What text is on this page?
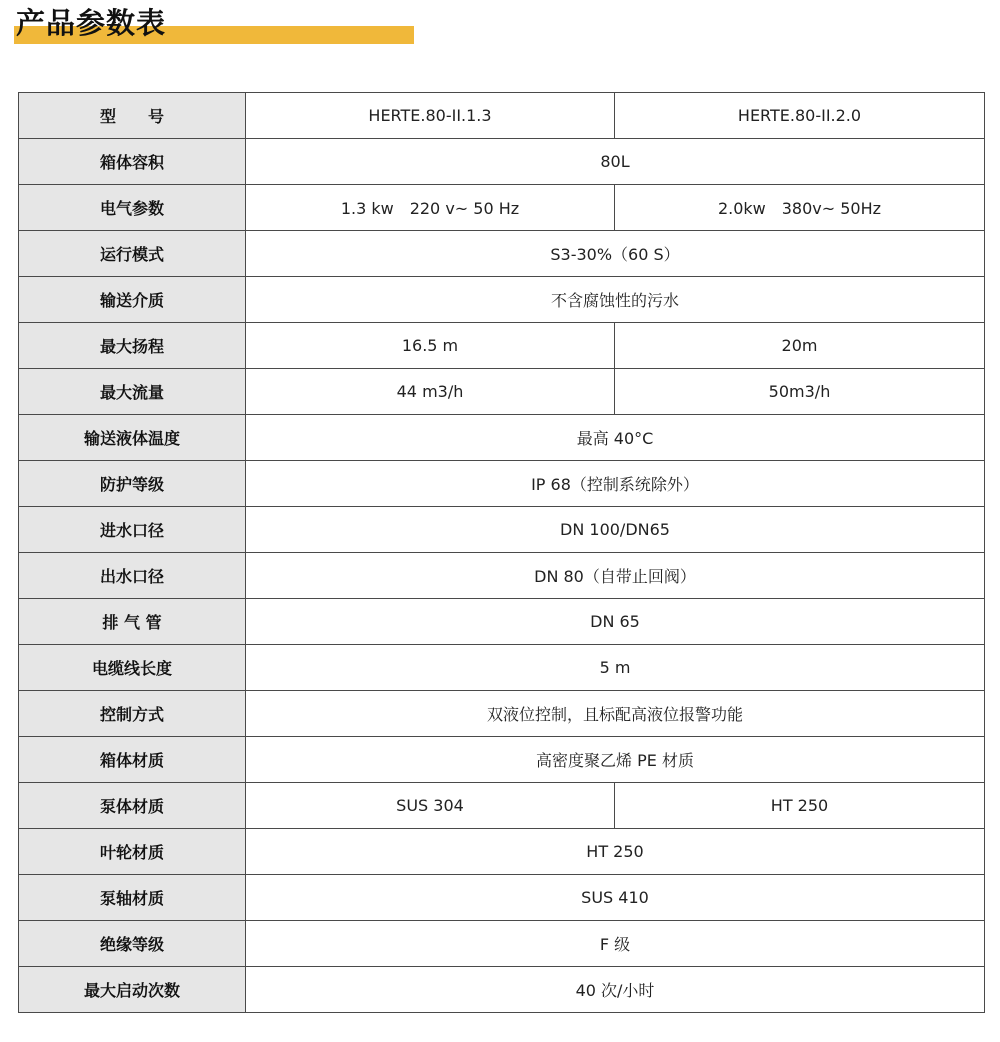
产品参数表
型　　号	HERTE.80-II.1.3	HERTE.80-II.2.0
箱体容积	80L	
电气参数	1.3 kw　220 v~ 50 Hz	2.0kw　380v~ 50Hz
运行模式	S3-30%（60 S）	
输送介质	不含腐蚀性的污水	
最大扬程	16.5 m	20m
最大流量	44 m3/h	50m3/h
输送液体温度	最高 40°C	
防护等级	IP 68（控制系统除外）	
进水口径	DN 100/DN65	
出水口径	DN 80（自带止回阀）	
排 气 管	DN 65	
电缆线长度	5 m	
控制方式	双液位控制，且标配高液位报警功能	
箱体材质	高密度聚乙烯 PE 材质	
泵体材质	SUS 304	HT 250
叶轮材质	HT 250	
泵轴材质	SUS 410	
绝缘等级	F 级	
最大启动次数	40 次/小时	
